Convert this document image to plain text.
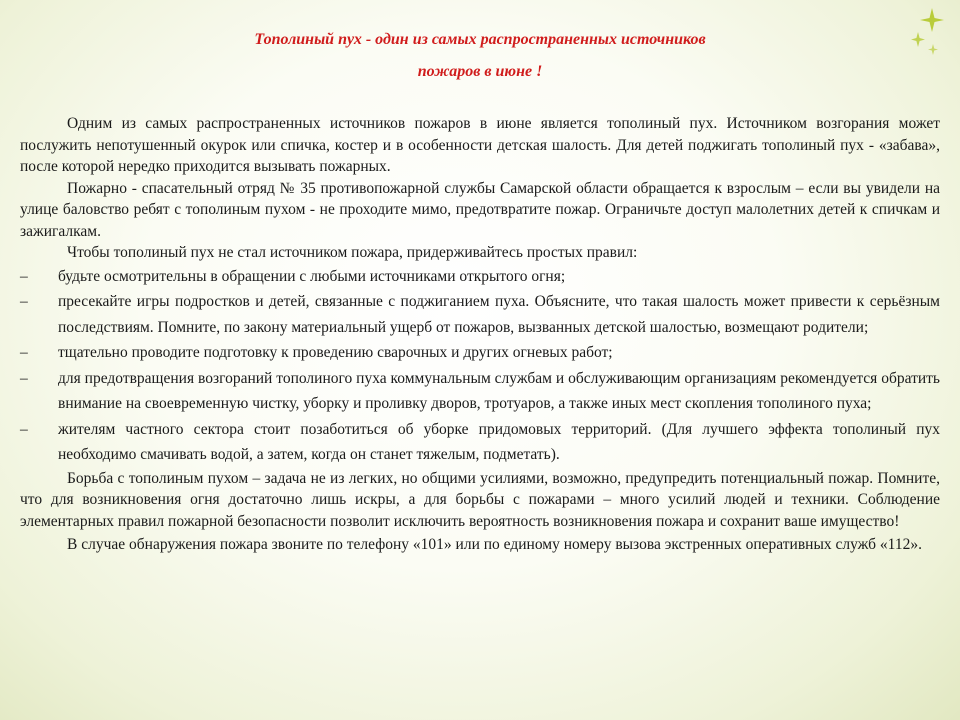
Тополиный пух - один из самых распространенных источников
пожаров в июне !

Одним из самых распространенных источников пожаров в июне является тополиный пух. Источником возгорания может послужить непотушенный окурок или спичка, костер и в особенности детская шалость. Для детей поджигать тополиный пух - «забава», после которой нередко приходится вызывать пожарных.

Пожарно - спасательный отряд № 35 противопожарной службы Самарской области обращается к взрослым – если вы увидели на улице баловство ребят с тополиным пухом - не проходите мимо, предотвратите пожар. Ограничьте доступ малолетних детей к спичкам и зажигалкам.

Чтобы тополиный пух не стал источником пожара, придерживайтесь простых правил:

– будьте осмотрительны в обращении с любыми источниками открытого огня;
– пресекайте игры подростков и детей, связанные с поджиганием пуха. Объясните, что такая шалость может привести к серьёзным последствиям. Помните, по закону материальный ущерб от пожаров, вызванных детской шалостью, возмещают родители;
– тщательно проводите подготовку к проведению сварочных и других огневых работ;
– для предотвращения возгораний тополиного пуха коммунальным службам и обслуживающим организациям рекомендуется обратить внимание на своевременную чистку, уборку и проливку дворов, тротуаров, а также иных мест скопления тополиного пуха;
– жителям частного сектора стоит позаботиться об уборке придомовых территорий. (Для лучшего эффекта тополиный пух необходимо смачивать водой, а затем, когда он станет тяжелым, подметать).

Борьба с тополиным пухом – задача не из легких, но общими усилиями, возможно, предупредить потенциальный пожар. Помните, что для возникновения огня достаточно лишь искры, а для борьбы с пожарами – много усилий людей и техники. Соблюдение элементарных правил пожарной безопасности позволит исключить вероятность возникновения пожара и сохранит ваше имущество!

В случае обнаружения пожара звоните по телефону «101» или по единому номеру вызова экстренных оперативных служб «112».
